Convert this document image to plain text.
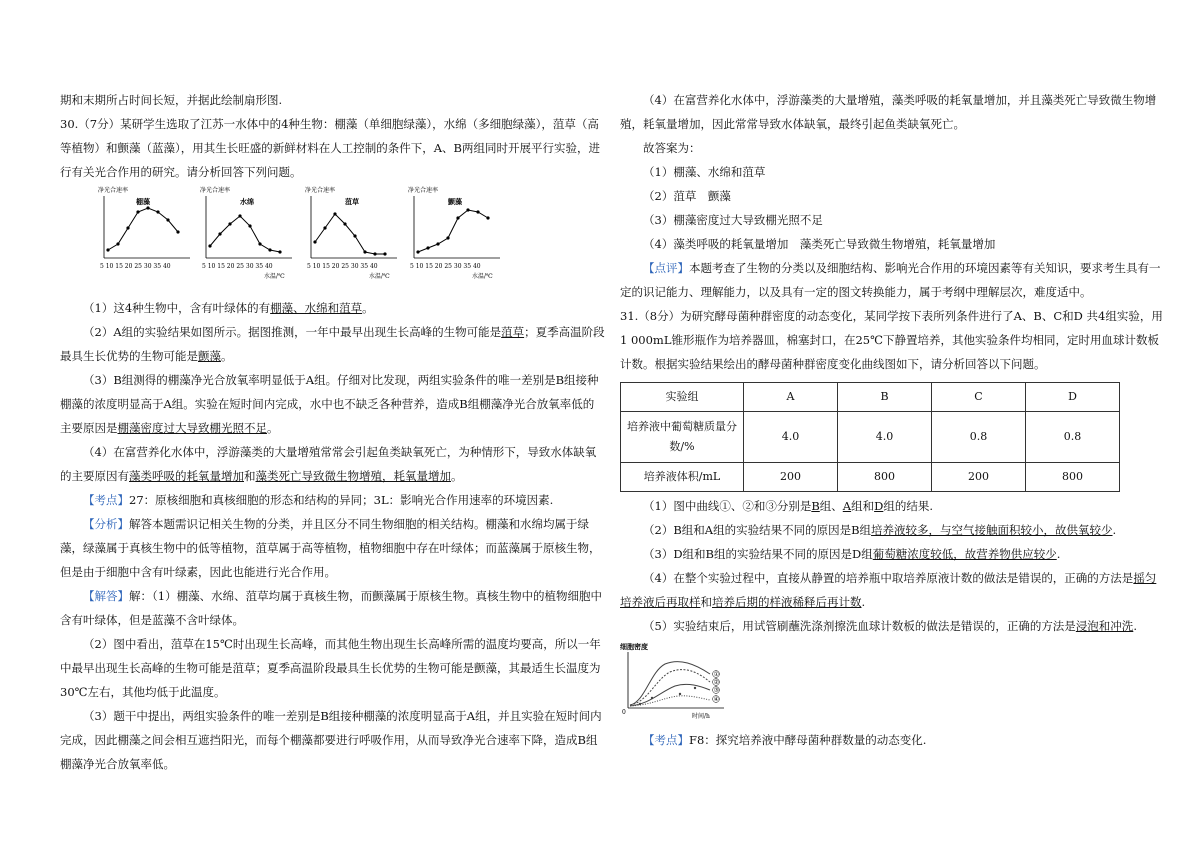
期和末期所占时间长短，并据此绘制扇形图.

30.（7分）某研学生选取了江苏一水体中的4种生物：棚藻（单细胞绿藻），水绵（多细胞绿藻），菹草（高等植物）和颤藻（蓝藻），用其生长旺盛的新鲜材料在人工控制的条件下，A、B两组同时开展平行实验，进行有关光合作用的研究。请分析回答下列问题。

净光合速率
棚藻
5 10 15 20 25 30 35 40
净光合速率
水绵
5 10 15 20 25 30 35 40
水温/℃
净光合速率
菹草
5 10 15 20 25 30 35 40
水温/℃
净光合速率
颤藻
5 10 15 20 25 30 35 40
水温/℃

（1）这4种生物中，含有叶绿体的有棚藻、水绵和菹草。

（2）A组的实验结果如图所示。据图推测，一年中最早出现生长高峰的生物可能是菹草；夏季高温阶段最具生长优势的生物可能是颤藻。

（3）B组测得的棚藻净光合放氧率明显低于A组。仔细对比发现，两组实验条件的唯一差别是B组接种棚藻的浓度明显高于A组。实验在短时间内完成，水中也不缺乏各种营养，造成B组棚藻净光合放氧率低的主要原因是棚藻密度过大导致棚光照不足。

（4）在富营养化水体中，浮游藻类的大量增殖常常会引起鱼类缺氧死亡，为种情形下，导致水体缺氧的主要原因有藻类呼吸的耗氧量增加和藻类死亡导致微生物增殖，耗氧量增加。

【考点】27：原核细胞和真核细胞的形态和结构的异同；3L：影响光合作用速率的环境因素.

【分析】解答本题需识记相关生物的分类，并且区分不同生物细胞的相关结构。棚藻和水绵均属于绿藻，绿藻属于真核生物中的低等植物，菹草属于高等植物，植物细胞中存在叶绿体；而蓝藻属于原核生物，但是由于细胞中含有叶绿素，因此也能进行光合作用。

【解答】解：（1）棚藻、水绵、菹草均属于真核生物，而颤藻属于原核生物。真核生物中的植物细胞中含有叶绿体，但是蓝藻不含叶绿体。

（2）图中看出，菹草在15℃时出现生长高峰，而其他生物出现生长高峰所需的温度均要高，所以一年中最早出现生长高峰的生物可能是菹草；夏季高温阶段最具生长优势的生物可能是颤藻，其最适生长温度为30℃左右，其他均低于此温度。

（3）题干中提出，两组实验条件的唯一差别是B组接种棚藻的浓度明显高于A组，并且实验在短时间内完成，因此棚藻之间会相互遮挡阳光，而每个棚藻都要进行呼吸作用，从而导致净光合速率下降，造成B组棚藻净光合放氧率低。

（4）在富营养化水体中，浮游藻类的大量增殖，藻类呼吸的耗氧量增加，并且藻类死亡导致微生物增殖，耗氧量增加，因此常常导致水体缺氧，最终引起鱼类缺氧死亡。

故答案为：

（1）棚藻、水绵和菹草

（2）菹草　颤藻

（3）棚藻密度过大导致棚光照不足

（4）藻类呼吸的耗氧量增加　藻类死亡导致微生物增殖，耗氧量增加

【点评】本题考查了生物的分类以及细胞结构、影响光合作用的环境因素等有关知识，要求考生具有一定的识记能力、理解能力，以及具有一定的图文转换能力，属于考纲中理解层次，难度适中。

31.（8分）为研究酵母菌种群密度的动态变化，某同学按下表所列条件进行了A、B、C和D 共4组实验，用1 000mL锥形瓶作为培养器皿，棉塞封口，在25℃下静置培养，其他实验条件均相同，定时用血球计数板计数。根据实验结果绘出的酵母菌种群密度变化曲线图如下，请分析回答以下问题。

实验组	A	B	C	D
培养液中葡萄糖质量分数/%	4.0	4.0	0.8	0.8
培养液体积/mL	200	800	200	800

（1）图中曲线①、②和③分别是B组、A组和D组的结果.

（2）B组和A组的实验结果不同的原因是B组培养液较多，与空气接触面积较小，故供氧较少.

（3）D组和B组的实验结果不同的原因是D组葡萄糖浓度较低，故营养物供应较少.

（4）在整个实验过程中，直接从静置的培养瓶中取培养原液计数的做法是错误的，正确的方法是摇匀培养液后再取样和培养后期的样液稀释后再计数.

（5）实验结束后，用试管刷蘸洗涤剂擦洗血球计数板的做法是错误的，正确的方法是浸泡和冲洗.

细胞密度
0
时间/h
①
②
③
④

【考点】F8：探究培养液中酵母菌种群数量的动态变化.
